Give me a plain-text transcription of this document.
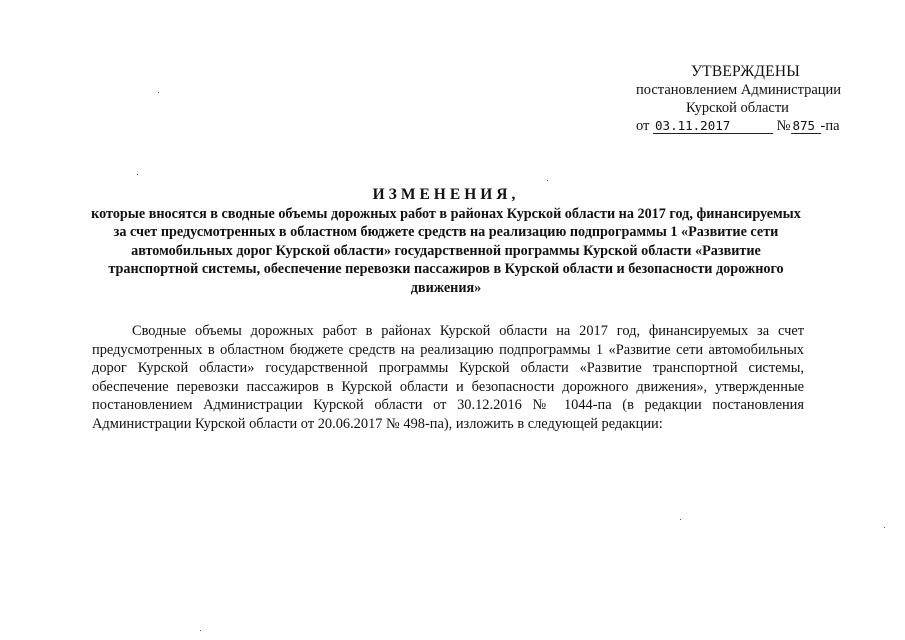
УТВЕРЖДЕНЫ
постановлением Администрации
Курской области
от 03.11.2017	№ 875 -па
ИЗМЕНЕНИЯ,
которые вносятся в сводные объемы дорожных работ в районах Курской области на 2017 год, финансируемых за счет предусмотренных в областном бюджете средств на реализацию подпрограммы 1 «Развитие сети автомобильных дорог Курской области» государственной программы Курской области «Развитие транспортной системы, обеспечение перевозки пассажиров в Курской области и безопасности дорожного движения»
Сводные объемы дорожных работ в районах Курской области на 2017 год, финансируемых за счет предусмотренных в областном бюджете средств на реализацию подпрограммы 1 «Развитие сети автомобильных дорог Курской области» государственной программы Курской области «Развитие транспортной системы, обеспечение перевозки пассажиров в Курской области и безопасности дорожного движения», утвержденные постановлением Администрации Курской области от 30.12.2016 № 1044-па (в редакции постановления Администрации Курской области от 20.06.2017 № 498-па), изложить в следующей редакции:
